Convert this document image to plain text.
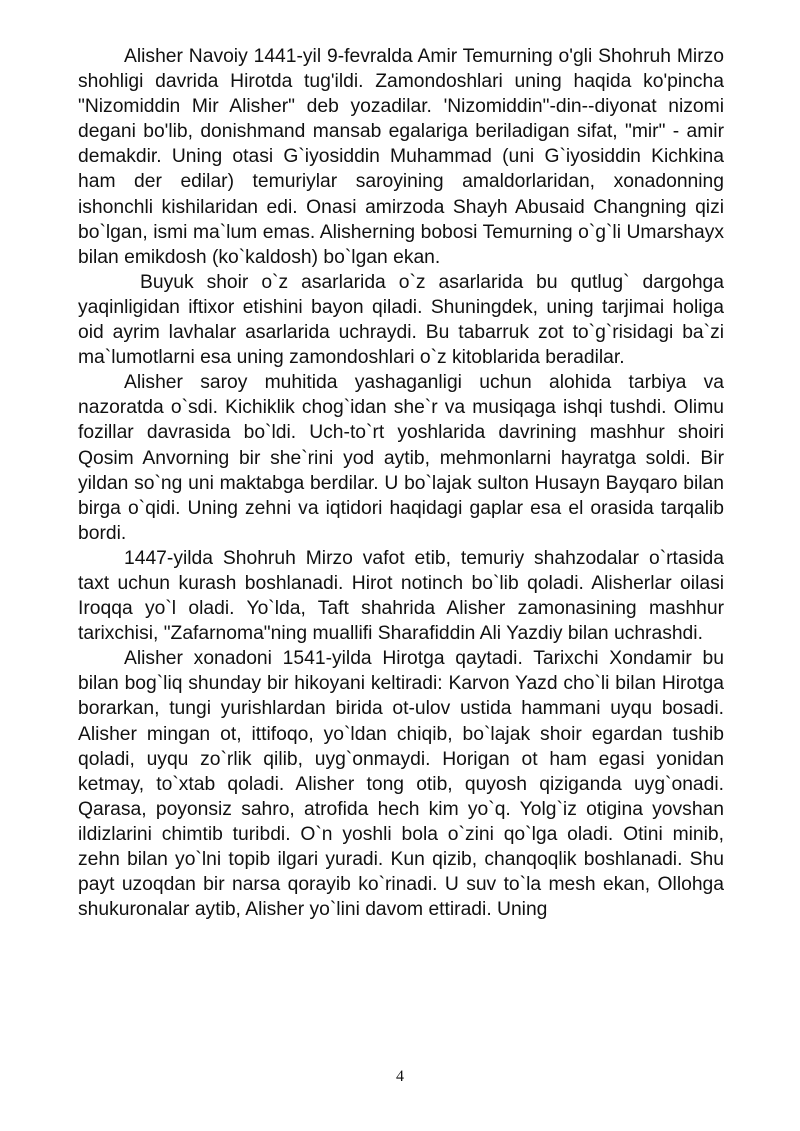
Alisher Navoiy 1441-yil 9-fevralda Amir Temurning o'gli Shohruh Mirzo shohligi davrida Hirotda tug'ildi. Zamondoshlari uning haqida ko'pincha "Nizomiddin Mir Alisher" deb yozadilar. 'Nizomiddin"-din--diyonat nizomi degani bo'lib, donishmand mansab egalariga beriladigan sifat, "mir" - amir demakdir. Uning otasi G`iyosiddin Muhammad (uni G`iyosiddin Kichkina ham der edilar) temuriylar saroyining amaldorlaridan, xonadonning ishonchli kishilaridan edi. Onasi amirzoda Shayh Abusaid Changning qizi bo`lgan, ismi ma`lum emas. Alisherning bobosi Temurning o`g`li Umarshayx bilan emikdosh (ko`kaldosh) bo`lgan ekan.

Buyuk shoir o`z asarlarida o`z asarlarida bu qutlug` dargohga yaqinligidan iftixor etishini bayon qiladi. Shuningdek, uning tarjimai holiga oid ayrim lavhalar asarlarida uchraydi. Bu tabarruk zot to`g`risidagi ba`zi ma`lumotlarni esa uning zamondoshlari o`z kitoblarida beradilar.

Alisher saroy muhitida yashaganligi uchun alohida tarbiya va nazoratda o`sdi. Kichiklik chog`idan she`r va musiqaga ishqi tushdi. Olimu fozillar davrasida bo`ldi. Uch-to`rt yoshlarida davrining mashhur shoiri Qosim Anvorning bir she`rini yod aytib, mehmonlarni hayratga soldi. Bir yildan so`ng uni maktabga berdilar. U bo`lajak sulton Husayn Bayqaro bilan birga o`qidi. Uning zehni va iqtidori haqidagi gaplar esa el orasida tarqalib bordi.

1447-yilda Shohruh Mirzo vafot etib, temuriy shahzodalar o`rtasida taxt uchun kurash boshlanadi. Hirot notinch bo`lib qoladi. Alisherlar oilasi Iroqqa yo`l oladi. Yo`lda, Taft shahrida Alisher zamonasining mashhur tarixchisi, "Zafarnoma"ning muallifi Sharafiddin Ali Yazdiy bilan uchrashdi.

Alisher xonadoni 1541-yilda Hirotga qaytadi. Tarixchi Xondamir bu bilan bog`liq shunday bir hikoyani keltiradi: Karvon Yazd cho`li bilan Hirotga borarkan, tungi yurishlardan birida ot-ulov ustida hammani uyqu bosadi. Alisher mingan ot, ittifoqo, yo`ldan chiqib, bo`lajak shoir egardan tushib qoladi, uyqu zo`rlik qilib, uyg`onmaydi. Horigan ot ham egasi yonidan ketmay, to`xtab qoladi. Alisher tong otib, quyosh qiziganda uyg`onadi. Qarasa, poyonsiz sahro, atrofida hech kim yo`q. Yolg`iz otigina yovshan ildizlarini chimtib turibdi. O`n yoshli bola o`zini qo`lga oladi. Otini minib, zehn bilan yo`lni topib ilgari yuradi. Kun qizib, chanqoqlik boshlanadi. Shu payt uzoqdan bir narsa qorayib ko`rinadi. U suv to`la mesh ekan, Ollohga shukuronalar aytib, Alisher yo`lini davom ettiradi. Uning

4
